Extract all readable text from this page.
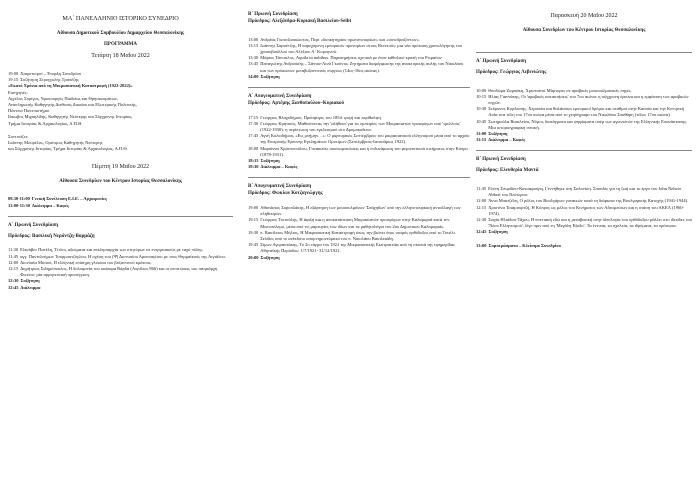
ΜΑ΄ ΠΑΝΕΛΛΗΝΙΟ ΙΣΤΟΡΙΚΟ ΣΥΝΕΔΡΙΟ

Αίθουσα Δημοτικού Συμβουλίου Δημαρχείου Θεσσαλονίκης

ΠΡΟΓΡΑΜΜΑ

Τετάρτη 18 Μαΐου 2022

19:00 Χαιρετισμοί – Έναρξη Συνεδρίου
19:15 Συζήτηση Στρογγυλής Τραπέζης

«Εκατό Χρόνια από τη Μικρασιατική Καταστροφή (1922-2022)»

Εισηγητές:

Αγγέλος Συρίγος, Υφυπουργός Παιδείας και Θρησκευμάτων,

Αναπληρωτής Καθηγητής Διεθνούς Δικαίου και Εξωτερικής Πολιτικής,

Πάντειο Πανεπιστήμιο

Ιάκωβος Μιχαηλίδης, Καθηγητής Νεότερης και Σύγχρονης Ιστορίας,

Τμήμα Ιστορίας & Αρχαιολογίας, Α.Π.Θ.

Συντονίζει:

Ιωάννης Μουρέλος, Ομότιμος Καθηγητής Νεότερης

και Σύγχρονης Ιστορίας, Τμήμα Ιστορίας & Αρχαιολογίας, Α.Π.Θ.

Πέμπτη 19 Μαΐου 2022

Αίθουσα Συνεδρίων του Κέντρου Ιστορίας Θεσσαλονίκης

09.30-11:00 Γενική Συνέλευση Ε.Ι.Ε. – Αρχαιρεσίες
11:00-11:30 Διάλειμμα – Καφές

Α΄ Πρωινή Συνεδρίαση

Πρόεδρος: Βασιλική Νεράντζη-Βαρμάζη

11:30 Ελισάβετ Πανέλη, Τίτλοι, αξιώματα και εκκλησιαρχία των κτητόρων σε ενεργειακούς με ταχύ πόλης.
11:45 αγγ. Παντελεήμων Τσορμπατζόγλου, Η σχέση του (Ψ) Διονυσίου Αρεοπαγίτου με τους Θερμαϊκούς της Αιγιάλου.
12:00 Διονύσία Μισιού, Η ελληνική επίσημη γλώσσα του βυζαντινού κράτους.
12:15 Δημήτριος Σιδηρόπουλος, Η δολοφονία του καίσαρα Βάρδα (Απρίλιος 866) και οι επιπτώσεις του πατριάρχη Φωτίου: μία αρμηνευτική προσέγγιση.
12:30 Συζήτηση
12:45 Διάλειμμα

Β΄ Πρωινή Συνεδρίαση

Πρόεδρος: Αλεξάνδρα-Κυριακή Βασιλείου-Seibt

13:00 Ανδρέας Γκουτζιουκώστας, Περί «διοικητηρίου πρωτονοταρίων» και «συνεδραζόντων».
13:15 Ιωάννης Σαρσέτζης, Η παρεχόμενη εμπορικών προνομίων στους Βενετούς: μια νέα πρόταση χρονολόγησης του χρυσοβούλλου του Αλέξιου Α΄ Κομνηνού.
13:30 Μάριος Τάντσιλος, Aquila in nubibus. Παρατηρήσεις σχετικά με έναν κάθολικό κρατή του Ρωμαίων.
13:45 Παναγιώτης Ανδρούσης – Σάντια-Λινά Γκούντα, Ζητήματα διαμόρφωσης της ανακτορικής αυλής του Νικολάου και των πρόσωπων μεταβυζαντινούς πύργους (14ος-16ος αιώνας).
14:00 Συζήτηση

Α΄ Απογευματινή Συνεδρίαση

Πρόεδρος: Αρτέμης Ξανθοπούλου–Κυριακού

17:15 Γεώργιος Βλαχοδήμου, Πρόσφυγες του 1854: φυγή και περίθαλψη.
17:30 Γεώργιος Κρητικός, Μαθαίνοντας την 'αλήθεια' για τις εμπειρίες των Μικρασιατών προσφύγων από 'τρελλούς' (1922-1930): η περίπτωση του εγκλεισμού στο Δρομοκαΐτειο.
17:45 Αγνή Κολιοδήμου, «Εις μνήμην…»: Ο μαρτυρικός Σεπτέμβριος του μικρασιατικού ελληνισμού μέσα από το αρχείο της Επιτροπής Ερευνης Εγκλημάτων Ομοτίμων (Σεπτέμβριος-Ιανουάριος 1922).
18:00 Μαριάννα Χριστοπούλου, Γυναικείες συσσωματώσεις και η ενδυνάμωση του φεμινιστικού κινήματος στην Κύπρο (1878-1931).
18:15 Συζήτηση
18:30 Διάλειμμα – Καφές

Β΄ Απογευματινή Συνεδρίαση

Πρόεδρος: Φωκίων Κοτζαγεώργης

19:00 Αθανάσιος Συροπλάκης, Η εξάρτηση των μουσουλμάνων 'Σπάχηδων' από την ελληνοτουρκική ανταλλαγή των πληθυσμών.
19:15 Γεώργιος Τσιτσόλης, Η άφιξη και η αποκατάσταση Μικρασιατών προσφύγων στην Καλαμαριά κατά τον Μεσοπόλεμο, μέσα από τις μαρτυρίες των ιδίων και τα μαθητολόγια του 2ου Δημοτικού Καλαμαριάς.
19:30 π. Βασίλειος Μήλιος, Η Μικρασιατική Καταστροφή όπως την βιώνει ένας νεαρός ορθόδοξος από το Τουέλι. Σελίδες από το ανέκδοτο απομνημονεύματα του π. Νικολάου Βασιλειάδη.
19:45 Σίμων Αγοραστάκης, Το 2ο τάγμα του 1921 της Μικρασιατικής Εκστρατείας από τη σκοπιά της εφημερίδας Αθηναϊκής Περίοδος: 1/7/1921- 31/12/1921.
20:00 Συζήτηση

Παρασκευή 20 Μαΐου 2022

Αίθουσα Συνεδρίων του Κέντρου Ιστορίας Θεσσαλονίκης

Α΄ Πρωινή Συνεδρίαση

Πρόεδρος: Γεώργιος Λεβενιώτης

10:00 Θεοδώρα Ζαμπάκη, Χριστιανοί Μάρτυρες σε αραβικές μουσουλμανικές πηγές.
10:15 Ηλίας Γιαννάκης, Οι 'αραβικές κατακτήσεις' του 7ου αιώνα: η σύγχρονη έρευνα και η εμφάνιση των αραβικών πηγών.
10:30 Στέφανος Κορδώσης, Χερσαίοι και θαλάσσιοι εμπορικοί δρόμοι και σταθμοί στην Κασπία και την Κεντρική Ασία στα τέλη του 17ου αιώνα μέσα από το χειρόγραφο του Νικολάου Σπαθάρη (τέλος 17ου αιώνα).
10:45 Σωτηρούλα Βασιλείου, Νόμοι, διατάγματα και ψηφίσματα υπέρ των αγωνιστών της Ελληνικής Επανάστασης. Μια ιστοριογραφική οπτική.
11:00 Συζήτηση
11:15 Διάλειμμα – Καφές

Β΄ Πρωινή Συνεδρίαση

Πρόεδρος: Ελευθερία Μαντά

11:45 Ελένη Σπυρίδου-Κατσαφούρη, Γεννήθηκε στη Σαλονίκη. Σπουδές για τη ζωή και το έργο του John Nelson Abbott του Νεότερου.
12:00 Άννα Μπατζέλη, Ο ρόλος του Βουλγάρων γυναικών κατά τη διάρκεια της Βουλγαρικής Κατοχής (1941-1944).
12:15 Χριστίνα Τσιαμουρτζή, Η Κύπρος ως μέλος του Κινήματος των Αδεσμεύτων και η στάση του ΑΚΕΛ (1960-1974).
12:30 Σοφία Ηλιάδου-Τάχου, Η ποντιακή εδώ και η μεταβατική στην ιδεολογία του ορθόδοξου μάλλιτ στο ιδεώδες του 'Νέου Ελληνισμού', λίγο πριν από τη 'Μεγάλη Εξοδο': Τα έντυπα, τα σχολεία, τα ιδρύματα, τα πρόσωπα.
12:45 Συζήτηση
13:00 Συμπεράσματα – Κλείσιμο Συνεδρίου
